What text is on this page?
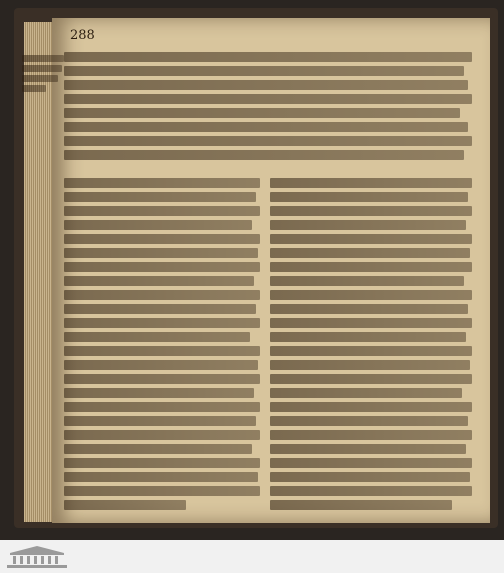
288
